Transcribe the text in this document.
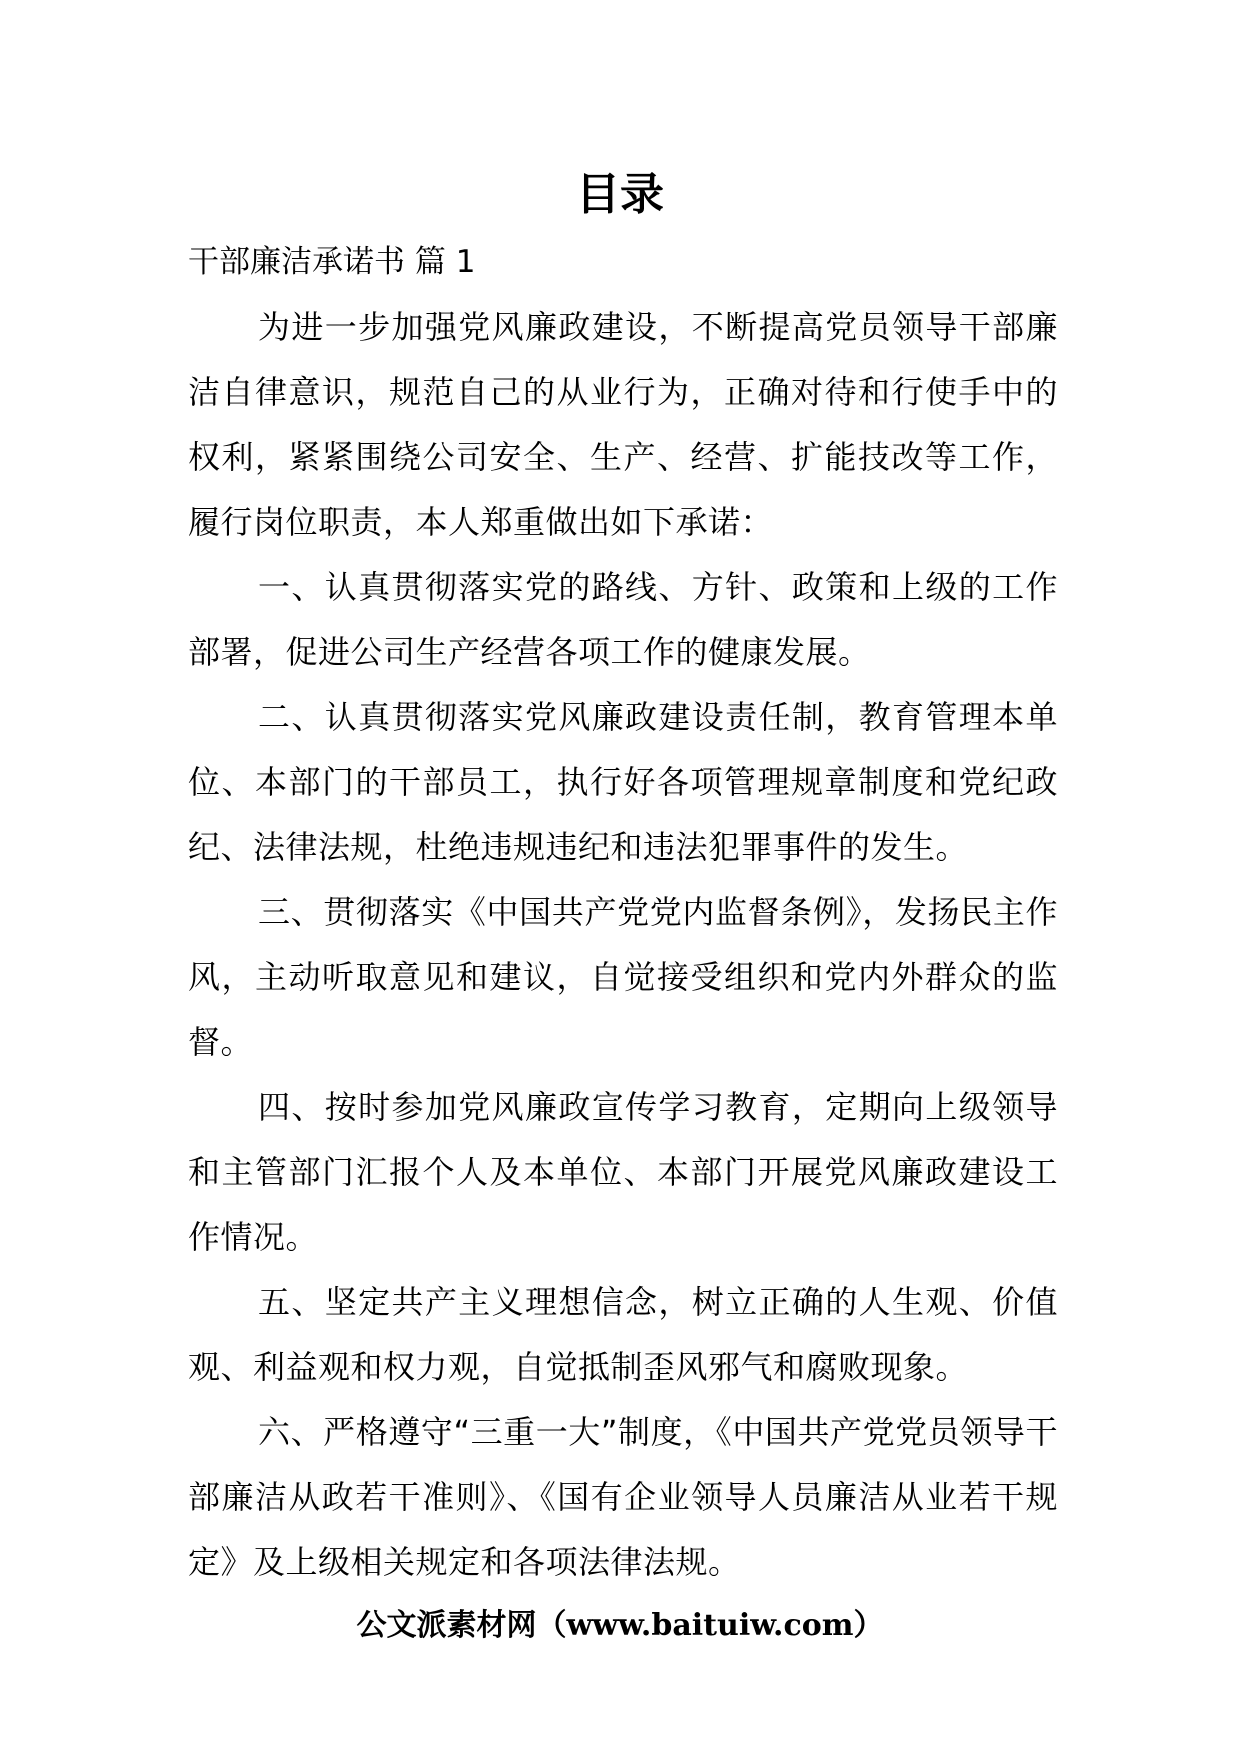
目录
干部廉洁承诺书 篇 1

为进一步加强党风廉政建设，不断提高党员领导干部廉洁自律意识，规范自己的从业行为，正确对待和行使手中的权利，紧紧围绕公司安全、生产、经营、扩能技改等工作，履行岗位职责，本人郑重做出如下承诺：

一、认真贯彻落实党的路线、方针、政策和上级的工作部署，促进公司生产经营各项工作的健康发展。

二、认真贯彻落实党风廉政建设责任制，教育管理本单位、本部门的干部员工，执行好各项管理规章制度和党纪政纪、法律法规，杜绝违规违纪和违法犯罪事件的发生。

三、贯彻落实《中国共产党党内监督条例》，发扬民主作风，主动听取意见和建议，自觉接受组织和党内外群众的监督。

四、按时参加党风廉政宣传学习教育，定期向上级领导和主管部门汇报个人及本单位、本部门开展党风廉政建设工作情况。

五、坚定共产主义理想信念，树立正确的人生观、价值观、利益观和权力观，自觉抵制歪风邪气和腐败现象。

六、严格遵守“三重一大”制度，《中国共产党党员领导干部廉洁从政若干准则》、《国有企业领导人员廉洁从业若干规定》及上级相关规定和各项法律法规。

公文派素材网（www.baituiw.com）
